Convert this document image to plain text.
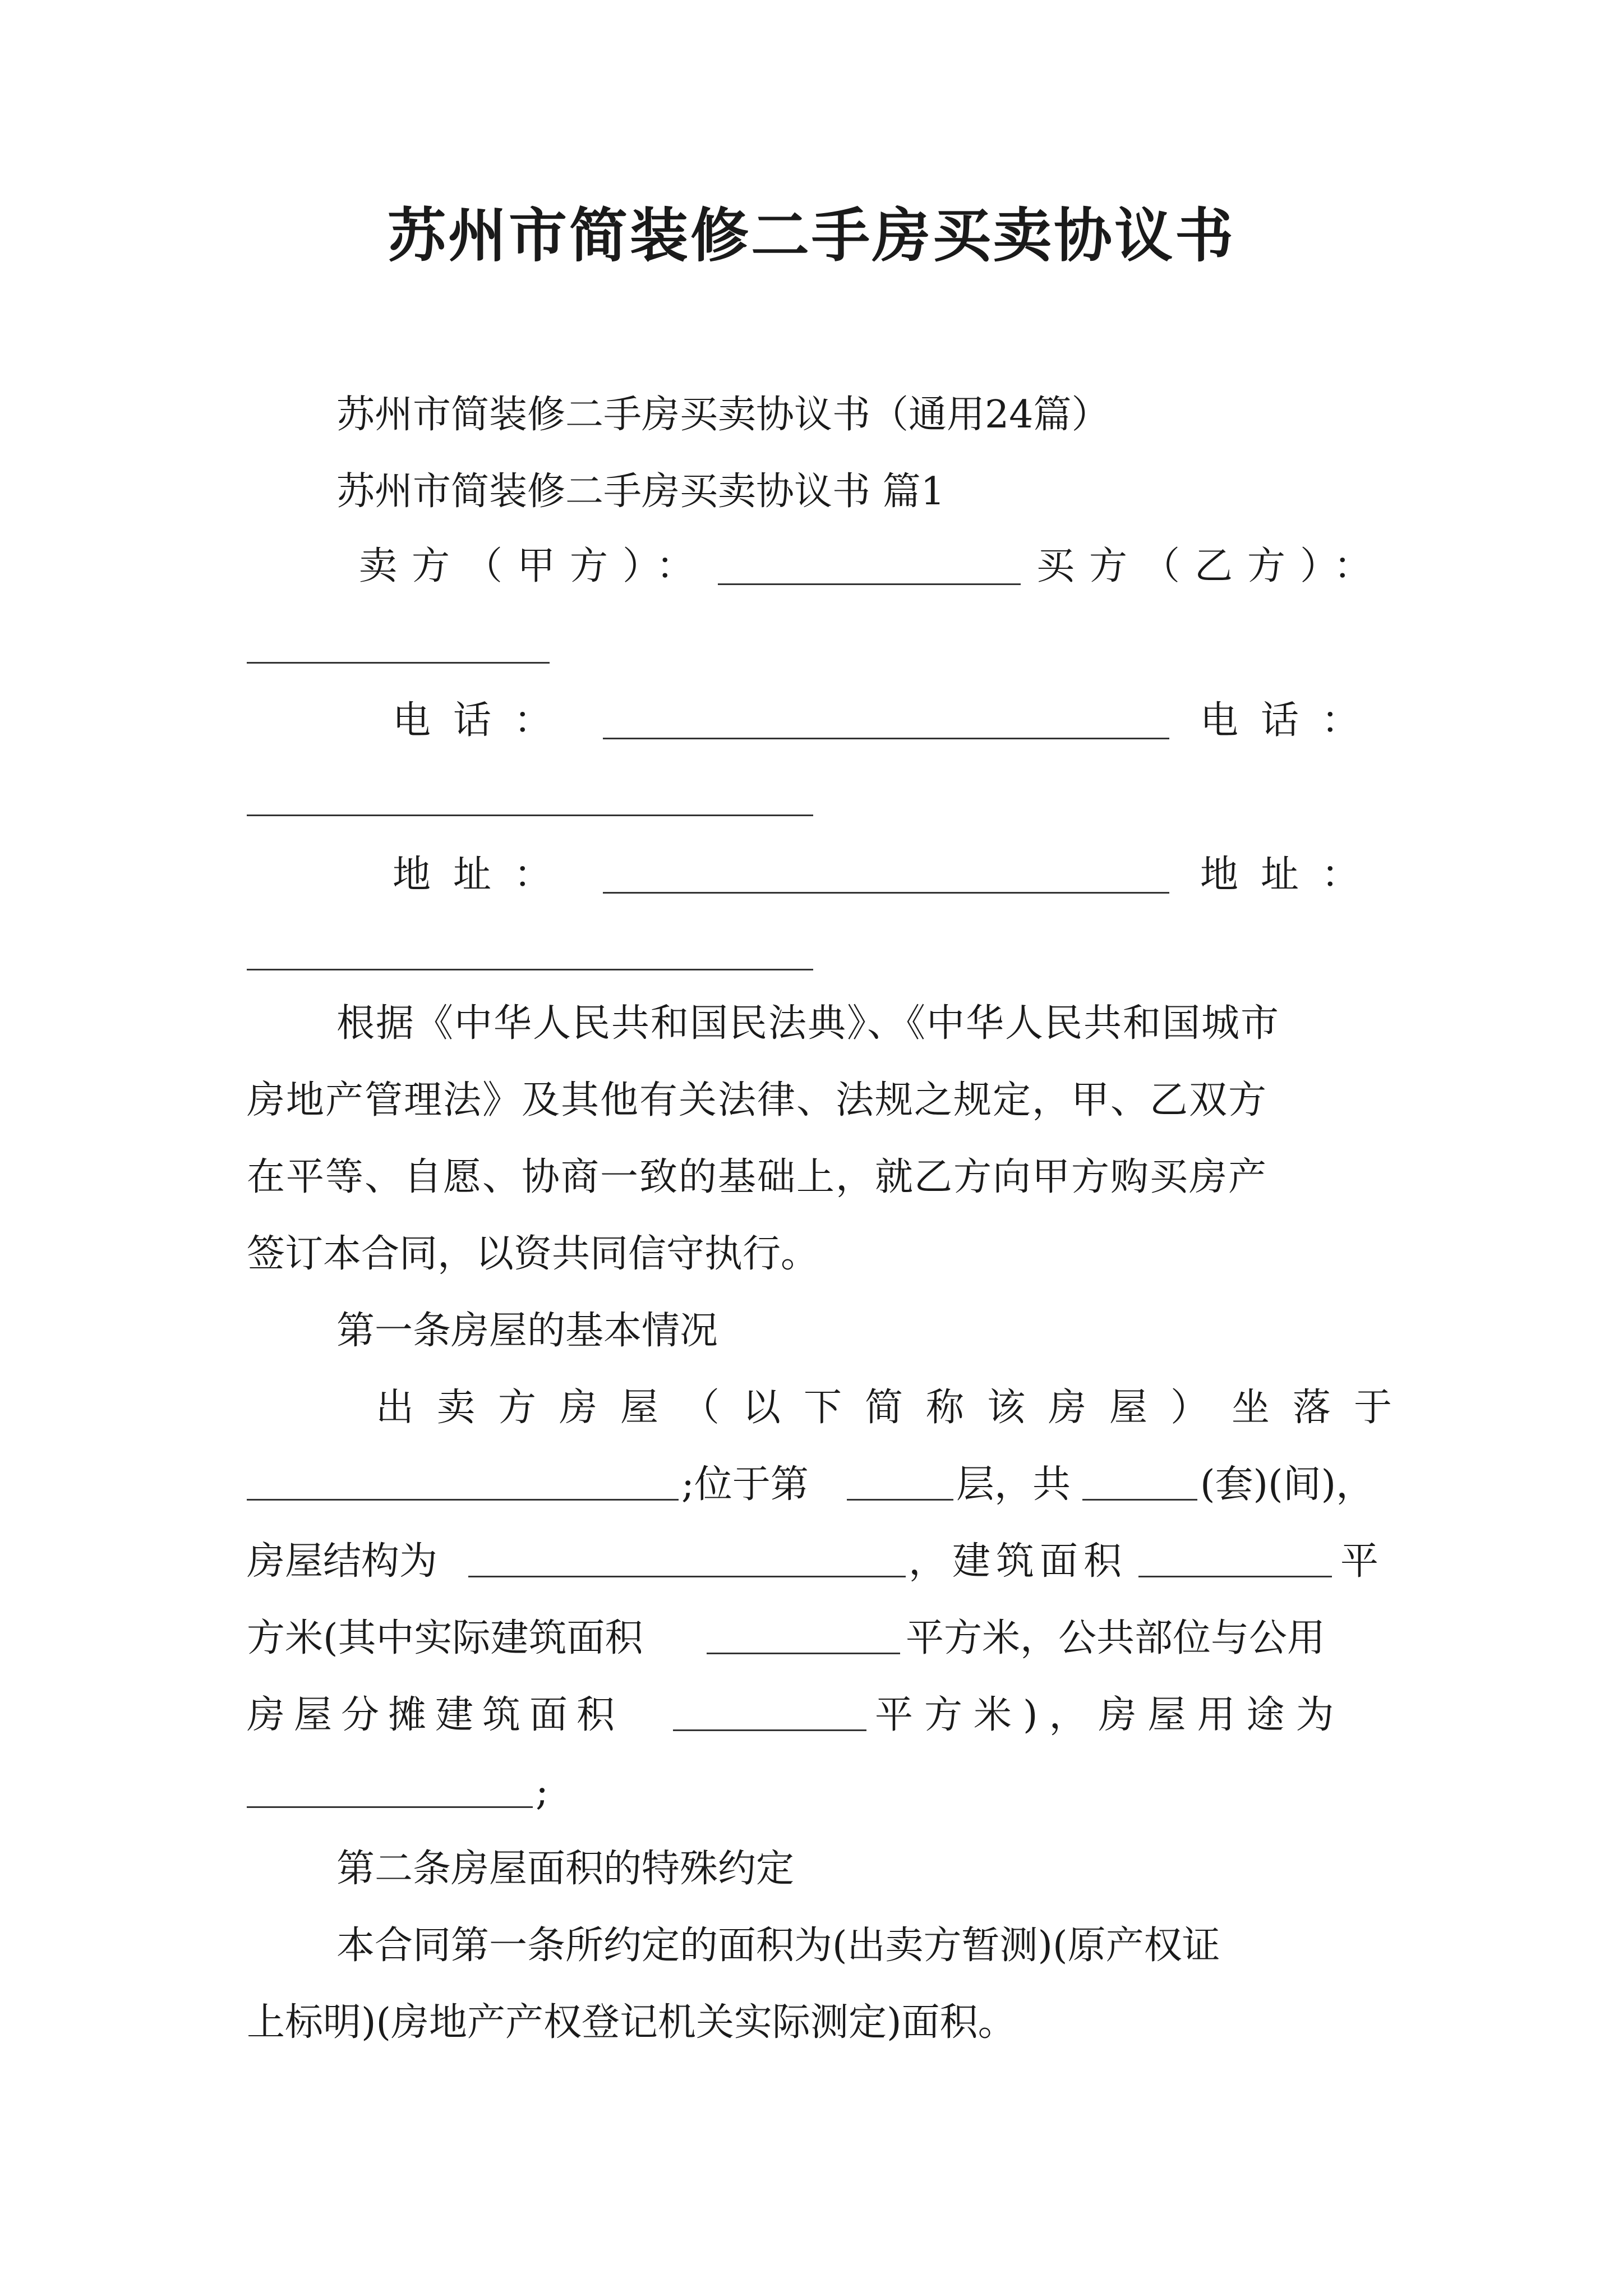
苏州市简装修二手房买卖协议书
苏州市简装修二手房买卖协议书（通用24篇）
苏州市简装修二手房买卖协议书 篇1
卖方（甲方）：	买方（乙方）：
电话：	电话：
地址：	地址：
根据《中华人民共和国民法典》、《中华人民共和国城市
房地产管理法》及其他有关法律、法规之规定，甲、乙双方
在平等、自愿、协商一致的基础上，就乙方向甲方购买房产
签订本合同，以资共同信守执行。
第一条房屋的基本情况
出卖方房屋（以下简称该房屋）坐落于
;位于第	层，共	(套)(间)，
房屋结构为	，建筑面积	平
方米(其中实际建筑面积	平方米，公共部位与公用
房屋分摊建筑面积	平方米)，房屋用途为
;
第二条房屋面积的特殊约定
本合同第一条所约定的面积为(出卖方暂测)(原产权证
上标明)(房地产产权登记机关实际测定)面积。
